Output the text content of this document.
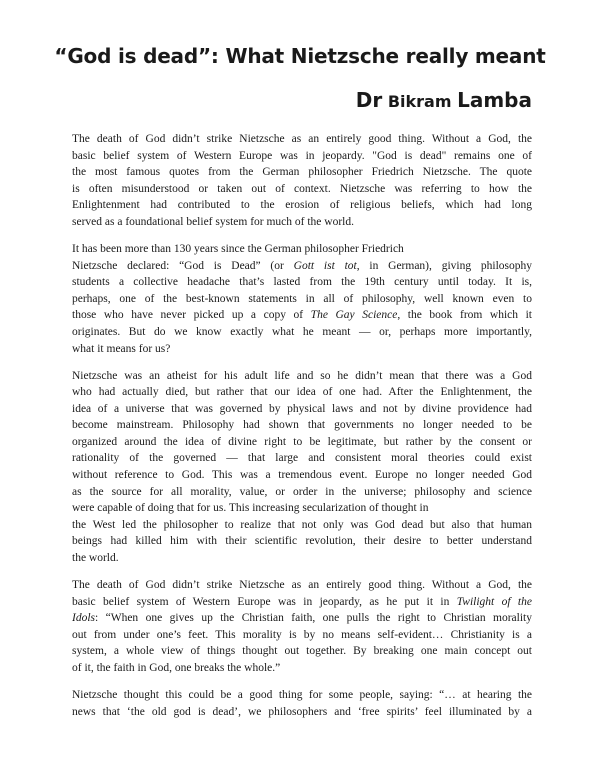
“God is dead”: What Nietzsche really meant
Dr Bikram Lamba

The death of God didn’t strike Nietzsche as an entirely good thing. Without a God, the
basic belief system of Western Europe was in jeopardy. "God is dead" remains one of
the most famous quotes from the German philosopher Friedrich Nietzsche. The quote
is often misunderstood or taken out of context. Nietzsche was referring to how the
Enlightenment had contributed to the erosion of religious beliefs, which had long
served as a foundational belief system for much of the world.

It has been more than 130 years since the German philosopher Friedrich
Nietzsche declared: “God is Dead” (or Gott ist tot, in German), giving philosophy
students a collective headache that’s lasted from the 19th century until today. It is,
perhaps, one of the best-known statements in all of philosophy, well known even to
those who have never picked up a copy of The Gay Science, the book from which it
originates. But do we know exactly what he meant — or, perhaps more importantly,
what it means for us?

Nietzsche was an atheist for his adult life and so he didn’t mean that there was a God
who had actually died, but rather that our idea of one had. After the Enlightenment, the
idea of a universe that was governed by physical laws and not by divine providence had
become mainstream. Philosophy had shown that governments no longer needed to be
organized around the idea of divine right to be legitimate, but rather by the consent or
rationality of the governed — that large and consistent moral theories could exist
without reference to God. This was a tremendous event. Europe no longer needed God
as the source for all morality, value, or order in the universe; philosophy and science
were capable of doing that for us. This increasing secularization of thought in
the West led the philosopher to realize that not only was God dead but also that human
beings had killed him with their scientific revolution, their desire to better understand
the world.

The death of God didn’t strike Nietzsche as an entirely good thing. Without a God, the
basic belief system of Western Europe was in jeopardy, as he put it in Twilight of the
Idols: “When one gives up the Christian faith, one pulls the right to Christian morality
out from under one’s feet. This morality is by no means self-evident… Christianity is a
system, a whole view of things thought out together. By breaking one main concept out
of it, the faith in God, one breaks the whole.”

Nietzsche thought this could be a good thing for some people, saying: “… at hearing the
news that ‘the old god is dead’, we philosophers and ‘free spirits’ feel illuminated by a
